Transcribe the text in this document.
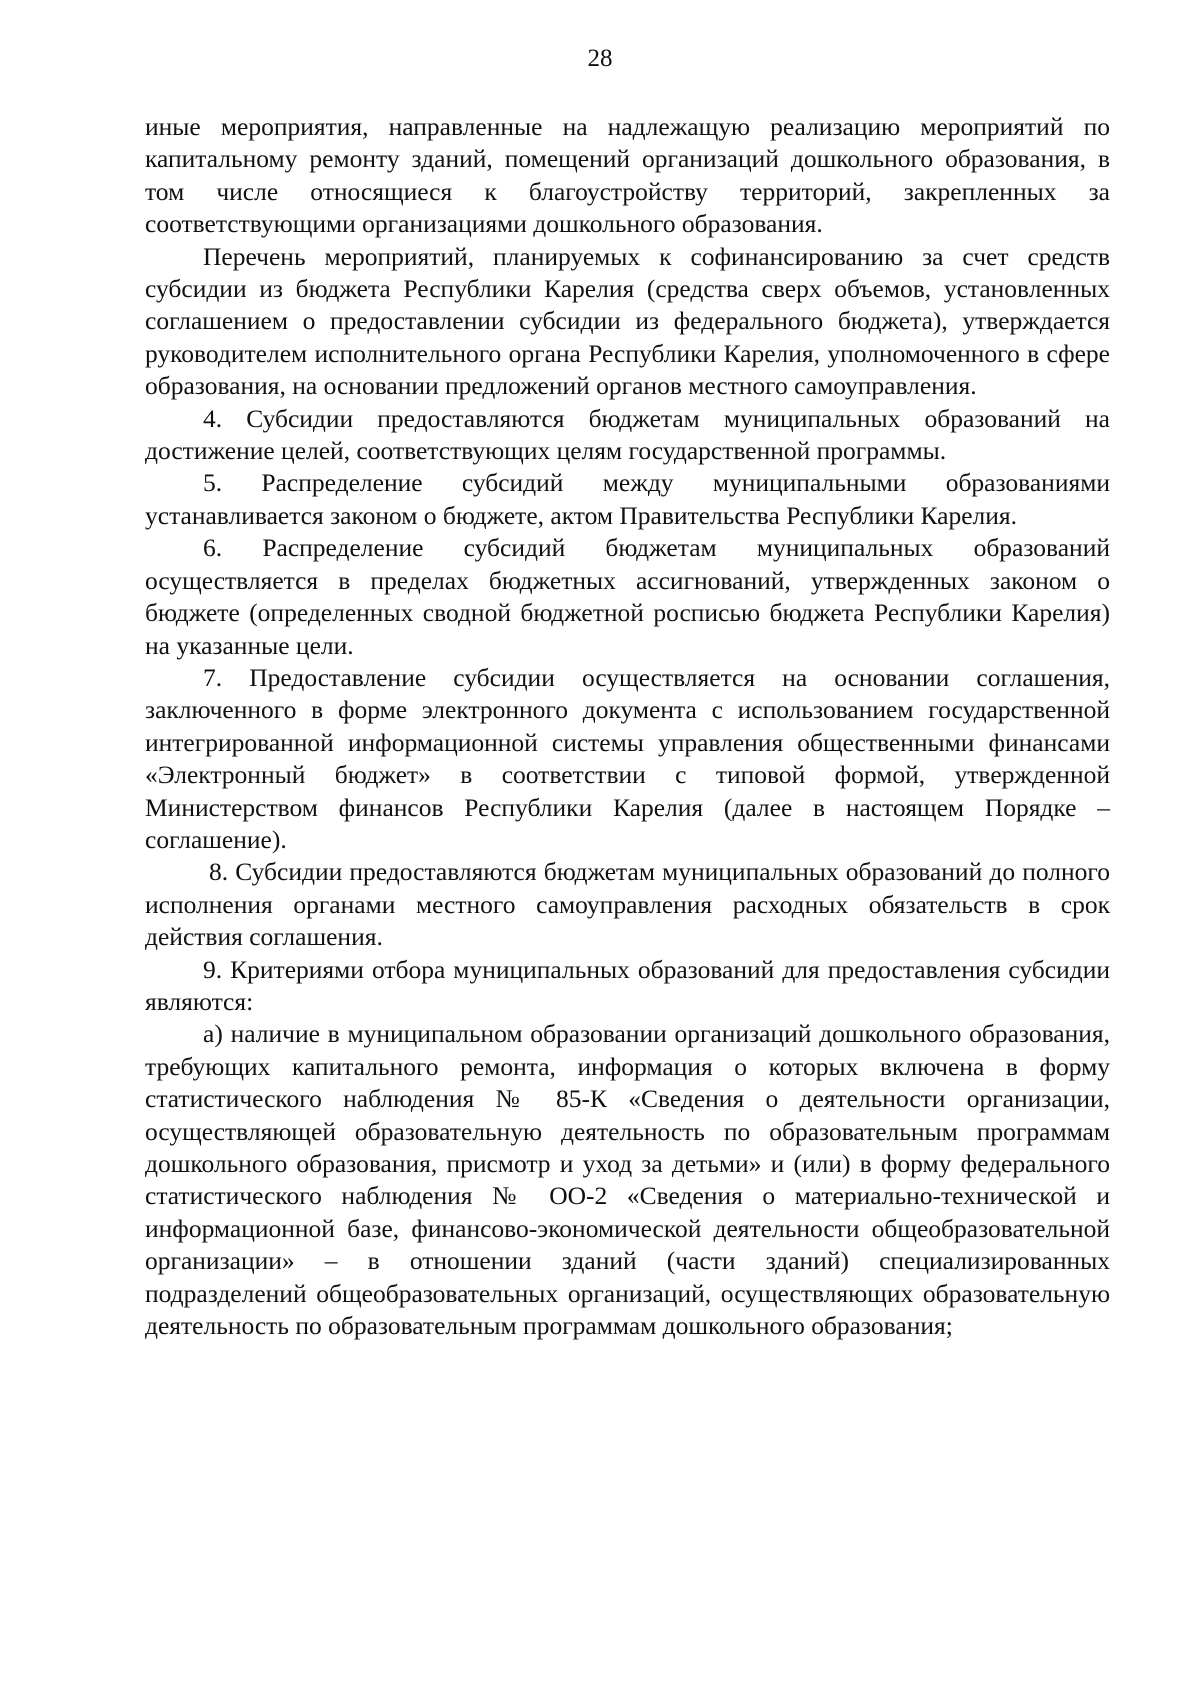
28

иные мероприятия, направленные на надлежащую реализацию мероприятий по капитальному ремонту зданий, помещений организаций дошкольного образования, в том числе относящиеся к благоустройству территорий, закрепленных за соответствующими организациями дошкольного образования.

Перечень мероприятий, планируемых к софинансированию за счет средств субсидии из бюджета Республики Карелия (средства сверх объемов, установленных соглашением о предоставлении субсидии из федерального бюджета), утверждается руководителем исполнительного органа Республики Карелия, уполномоченного в сфере образования, на основании предложений органов местного самоуправления.

4. Субсидии предоставляются бюджетам муниципальных образований на достижение целей, соответствующих целям государственной программы.

5. Распределение субсидий между муниципальными образованиями устанавливается законом о бюджете, актом Правительства Республики Карелия.

6. Распределение субсидий бюджетам муниципальных образований осуществляется в пределах бюджетных ассигнований, утвержденных законом о бюджете (определенных сводной бюджетной росписью бюджета Республики Карелия) на указанные цели.

7. Предоставление субсидии осуществляется на основании соглашения, заключенного в форме электронного документа с использованием государственной интегрированной информационной системы управления общественными финансами «Электронный бюджет» в соответствии с типовой формой, утвержденной Министерством финансов Республики Карелия (далее в настоящем Порядке – соглашение).

8. Субсидии предоставляются бюджетам муниципальных образований до полного исполнения органами местного самоуправления расходных обязательств в срок действия соглашения.

9. Критериями отбора муниципальных образований для предоставления субсидии являются:

а) наличие в муниципальном образовании организаций дошкольного образования, требующих капитального ремонта, информация о которых включена в форму статистического наблюдения № 85-К «Сведения о деятельности организации, осуществляющей образовательную деятельность по образовательным программам дошкольного образования, присмотр и уход за детьми» и (или) в форму федерального статистического наблюдения № ОО-2 «Сведения о материально-технической и информационной базе, финансово-экономической деятельности общеобразовательной организации» – в отношении зданий (части зданий) специализированных подразделений общеобразовательных организаций, осуществляющих образовательную деятельность по образовательным программам дошкольного образования;
